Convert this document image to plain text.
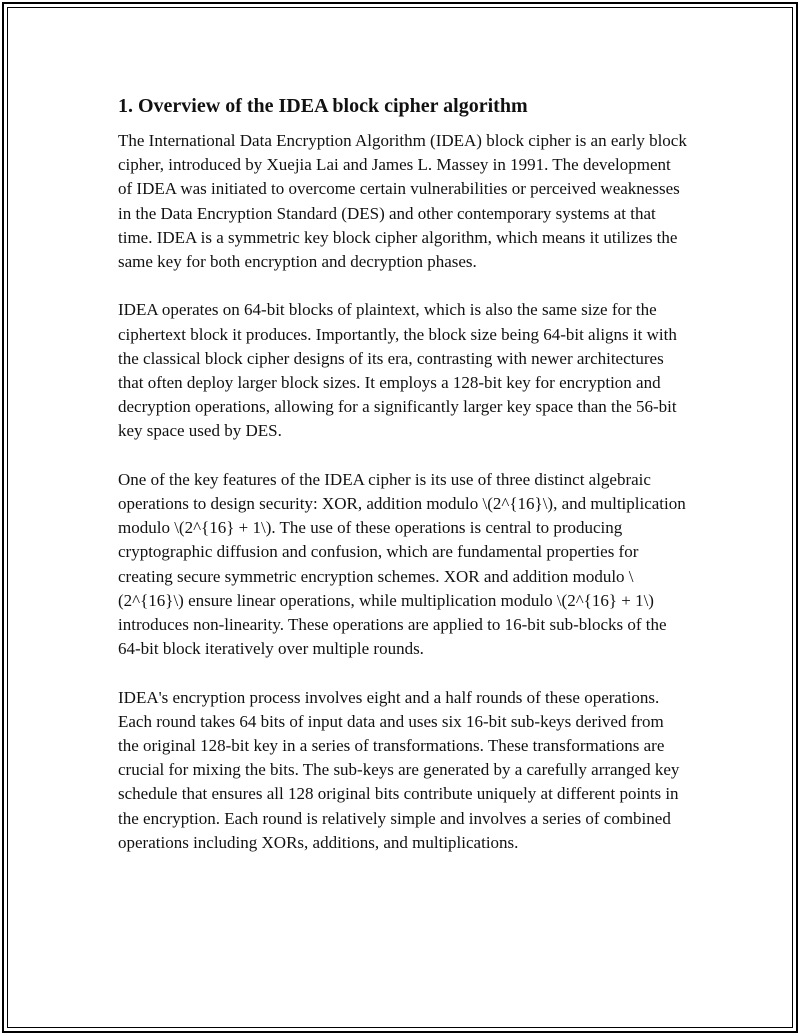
1. Overview of the IDEA block cipher algorithm

The International Data Encryption Algorithm (IDEA) block cipher is an early block cipher, introduced by Xuejia Lai and James L. Massey in 1991. The development of IDEA was initiated to overcome certain vulnerabilities or perceived weaknesses in the Data Encryption Standard (DES) and other contemporary systems at that time. IDEA is a symmetric key block cipher algorithm, which means it utilizes the same key for both encryption and decryption phases.

IDEA operates on 64-bit blocks of plaintext, which is also the same size for the ciphertext block it produces. Importantly, the block size being 64-bit aligns it with the classical block cipher designs of its era, contrasting with newer architectures that often deploy larger block sizes. It employs a 128-bit key for encryption and decryption operations, allowing for a significantly larger key space than the 56-bit key space used by DES.

One of the key features of the IDEA cipher is its use of three distinct algebraic operations to design security: XOR, addition modulo \(2^{16}\), and multiplication modulo \(2^{16} + 1\). The use of these operations is central to producing cryptographic diffusion and confusion, which are fundamental properties for creating secure symmetric encryption schemes. XOR and addition modulo \(2^{16}\) ensure linear operations, while multiplication modulo \(2^{16} + 1\) introduces non-linearity. These operations are applied to 16-bit sub-blocks of the 64-bit block iteratively over multiple rounds.

IDEA's encryption process involves eight and a half rounds of these operations. Each round takes 64 bits of input data and uses six 16-bit sub-keys derived from the original 128-bit key in a series of transformations. These transformations are crucial for mixing the bits. The sub-keys are generated by a carefully arranged key schedule that ensures all 128 original bits contribute uniquely at different points in the encryption. Each round is relatively simple and involves a series of combined operations including XORs, additions, and multiplications.
